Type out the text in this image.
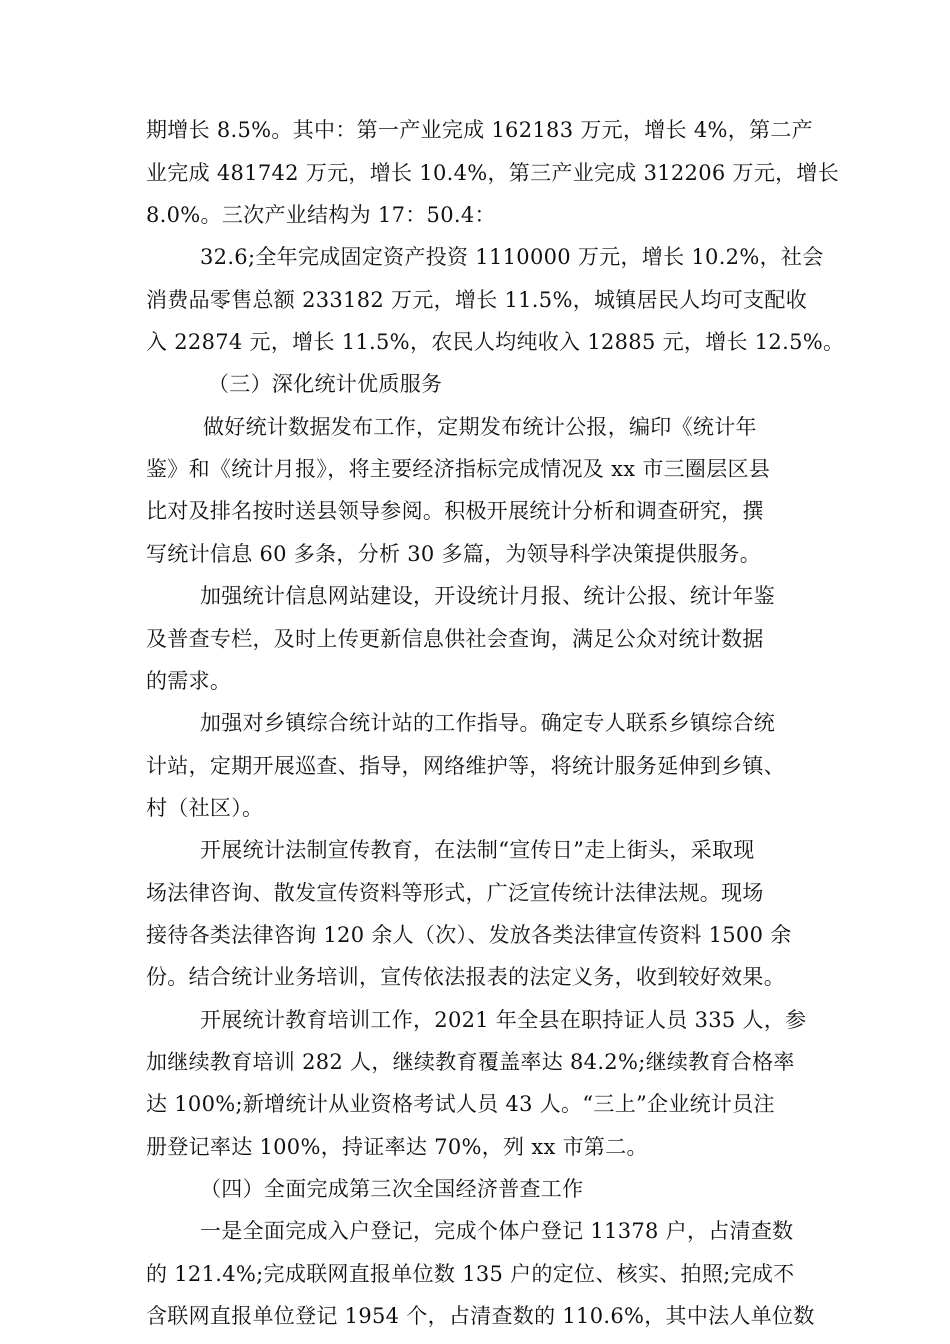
期增长 8.5%。其中：第一产业完成 162183 万元，增长 4%，第二产
业完成 481742 万元，增长 10.4%，第三产业完成 312206 万元，增长
8.0%。三次产业结构为 17：50.4：
32.6;全年完成固定资产投资 1110000 万元，增长 10.2%，社会
消费品零售总额 233182 万元，增长 11.5%，城镇居民人均可支配收
入 22874 元，增长 11.5%，农民人均纯收入 12885 元，增长 12.5%。
（三）深化统计优质服务
做好统计数据发布工作，定期发布统计公报，编印《统计年
鉴》和《统计月报》，将主要经济指标完成情况及 xx 市三圈层区县
比对及排名按时送县领导参阅。积极开展统计分析和调查研究，撰
写统计信息 60 多条，分析 30 多篇，为领导科学决策提供服务。
加强统计信息网站建设，开设统计月报、统计公报、统计年鉴
及普查专栏，及时上传更新信息供社会查询，满足公众对统计数据
的需求。
加强对乡镇综合统计站的工作指导。确定专人联系乡镇综合统
计站，定期开展巡查、指导，网络维护等，将统计服务延伸到乡镇、
村（社区）。
开展统计法制宣传教育，在法制“宣传日”走上街头，采取现
场法律咨询、散发宣传资料等形式，广泛宣传统计法律法规。现场
接待各类法律咨询 120 余人（次）、发放各类法律宣传资料 1500 余
份。结合统计业务培训，宣传依法报表的法定义务，收到较好效果。
开展统计教育培训工作，2021 年全县在职持证人员 335 人，参
加继续教育培训 282 人，继续教育覆盖率达 84.2%;继续教育合格率
达 100%;新增统计从业资格考试人员 43 人。“三上”企业统计员注
册登记率达 100%，持证率达 70%，列 xx 市第二。
（四）全面完成第三次全国经济普查工作
一是全面完成入户登记，完成个体户登记 11378 户，占清查数
的 121.4%;完成联网直报单位数 135 户的定位、核实、拍照;完成不
含联网直报单位登记 1954 个，占清查数的 110.6%，其中法人单位数
